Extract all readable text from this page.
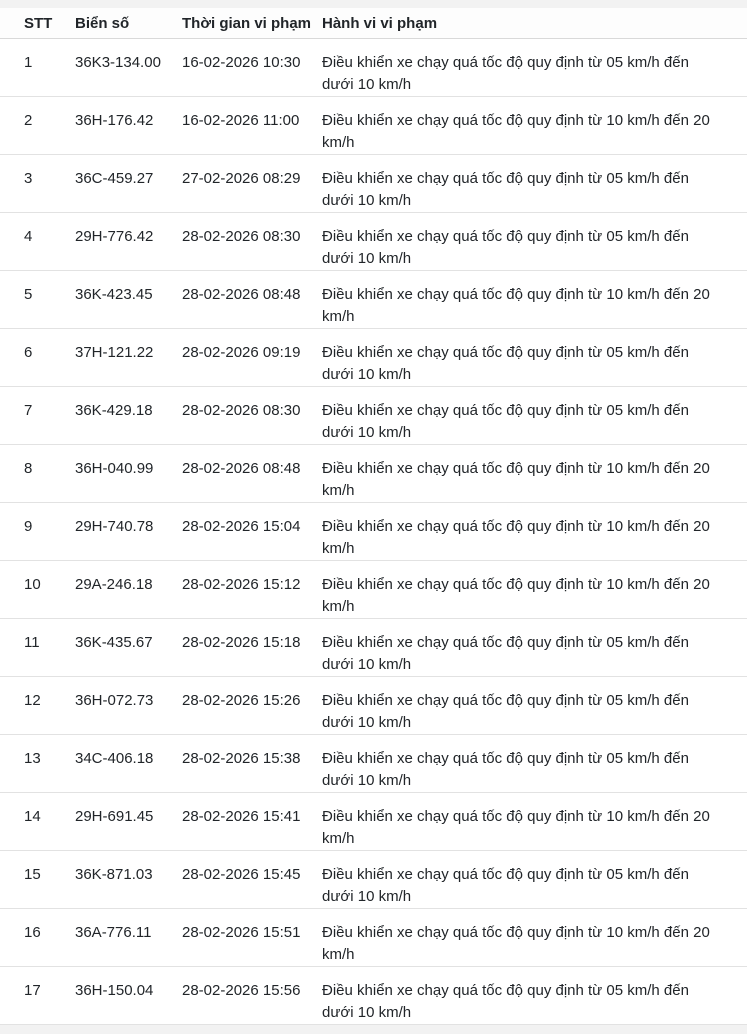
STT	Biển số	Thời gian vi phạm	Hành vi vi phạm
1	36K3-134.00	16-02-2026 10:30	Điều khiển xe chạy quá tốc độ quy định từ 05 km/h đến dưới 10 km/h
2	36H-176.42	16-02-2026 11:00	Điều khiển xe chạy quá tốc độ quy định từ 10 km/h đến 20 km/h
3	36C-459.27	27-02-2026 08:29	Điều khiển xe chạy quá tốc độ quy định từ 05 km/h đến dưới 10 km/h
4	29H-776.42	28-02-2026 08:30	Điều khiển xe chạy quá tốc độ quy định từ 05 km/h đến dưới 10 km/h
5	36K-423.45	28-02-2026 08:48	Điều khiển xe chạy quá tốc độ quy định từ 10 km/h đến 20 km/h
6	37H-121.22	28-02-2026 09:19	Điều khiển xe chạy quá tốc độ quy định từ 05 km/h đến dưới 10 km/h
7	36K-429.18	28-02-2026 08:30	Điều khiển xe chạy quá tốc độ quy định từ 05 km/h đến dưới 10 km/h
8	36H-040.99	28-02-2026 08:48	Điều khiển xe chạy quá tốc độ quy định từ 10 km/h đến 20 km/h
9	29H-740.78	28-02-2026 15:04	Điều khiển xe chạy quá tốc độ quy định từ 10 km/h đến 20 km/h
10	29A-246.18	28-02-2026 15:12	Điều khiển xe chạy quá tốc độ quy định từ 10 km/h đến 20 km/h
11	36K-435.67	28-02-2026 15:18	Điều khiển xe chạy quá tốc độ quy định từ 05 km/h đến dưới 10 km/h
12	36H-072.73	28-02-2026 15:26	Điều khiển xe chạy quá tốc độ quy định từ 05 km/h đến dưới 10 km/h
13	34C-406.18	28-02-2026 15:38	Điều khiển xe chạy quá tốc độ quy định từ 05 km/h đến dưới 10 km/h
14	29H-691.45	28-02-2026 15:41	Điều khiển xe chạy quá tốc độ quy định từ 10 km/h đến 20 km/h
15	36K-871.03	28-02-2026 15:45	Điều khiển xe chạy quá tốc độ quy định từ 05 km/h đến dưới 10 km/h
16	36A-776.11	28-02-2026 15:51	Điều khiển xe chạy quá tốc độ quy định từ 10 km/h đến 20 km/h
17	36H-150.04	28-02-2026 15:56	Điều khiển xe chạy quá tốc độ quy định từ 05 km/h đến dưới 10 km/h
